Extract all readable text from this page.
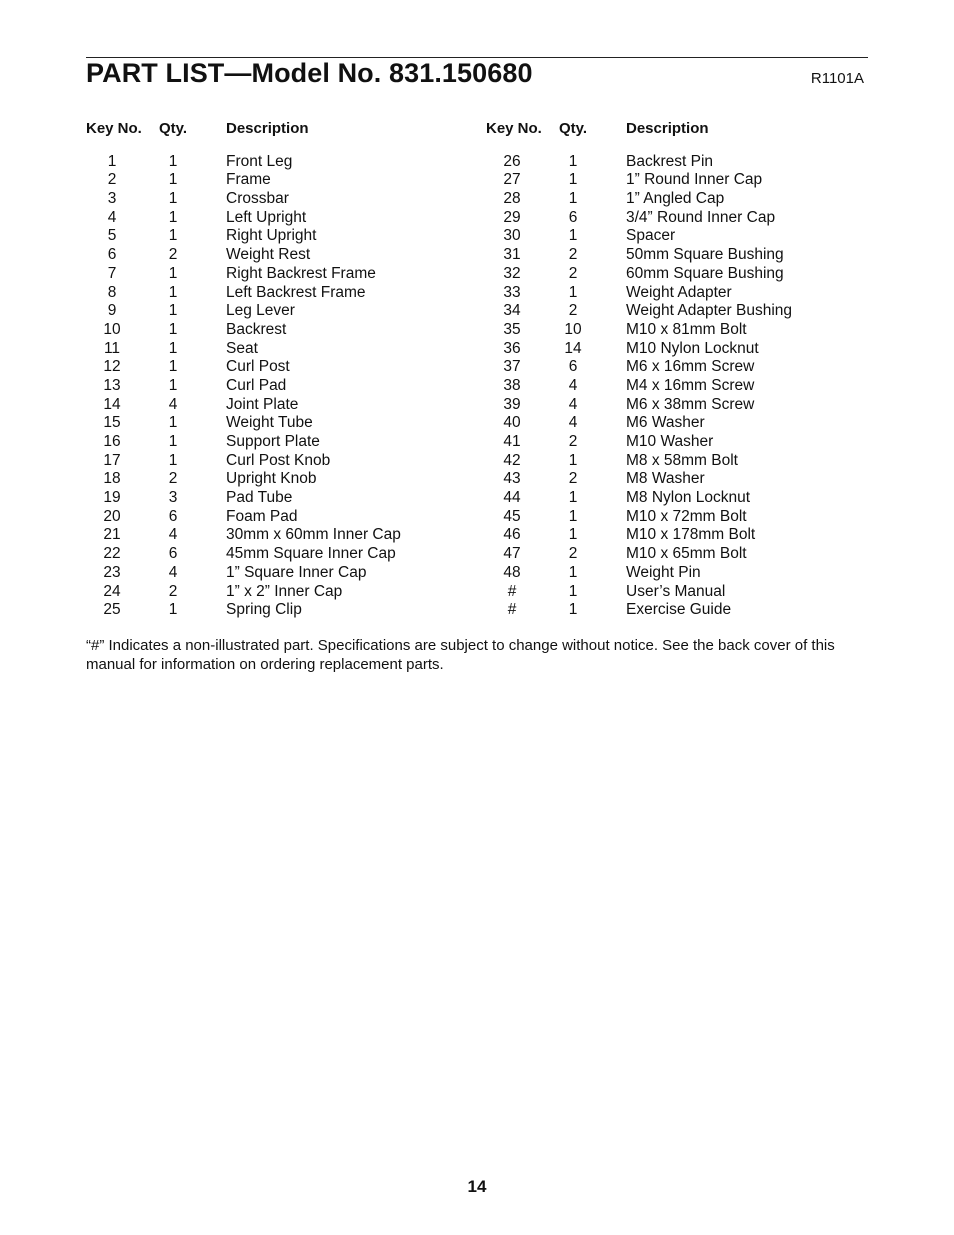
PART LIST—Model No. 831.150680	R1101A
Key No. Qty.	Description
1	1	Front Leg
2	1	Frame
3	1	Crossbar
4	1	Left Upright
5	1	Right Upright
6	2	Weight Rest
7	1	Right Backrest Frame
8	1	Left Backrest Frame
9	1	Leg Lever
10	1	Backrest
11	1	Seat
12	1	Curl Post
13	1	Curl Pad
14	4	Joint Plate
15	1	Weight Tube
16	1	Support Plate
17	1	Curl Post Knob
18	2	Upright Knob
19	3	Pad Tube
20	6	Foam Pad
21	4	30mm x 60mm Inner Cap
22	6	45mm Square Inner Cap
23	4	1” Square Inner Cap
24	2	1” x 2” Inner Cap
25	1	Spring Clip
Key No. Qty.	Description
26	1	Backrest Pin
27	1	1” Round Inner Cap
28	1	1” Angled Cap
29	6	3/4” Round Inner Cap
30	1	Spacer
31	2	50mm Square Bushing
32	2	60mm Square Bushing
33	1	Weight Adapter
34	2	Weight Adapter Bushing
35	10	M10 x 81mm Bolt
36	14	M10 Nylon Locknut
37	6	M6 x 16mm Screw
38	4	M4 x 16mm Screw
39	4	M6 x 38mm Screw
40	4	M6 Washer
41	2	M10 Washer
42	1	M8 x 58mm Bolt
43	2	M8 Washer
44	1	M8 Nylon Locknut
45	1	M10 x 72mm Bolt
46	1	M10 x 178mm Bolt
47	2	M10 x 65mm Bolt
48	1	Weight Pin
#	1	User’s Manual
#	1	Exercise Guide
“#” Indicates a non-illustrated part. Specifications are subject to change without notice. See the back cover of this manual for information on ordering replacement parts.
14
